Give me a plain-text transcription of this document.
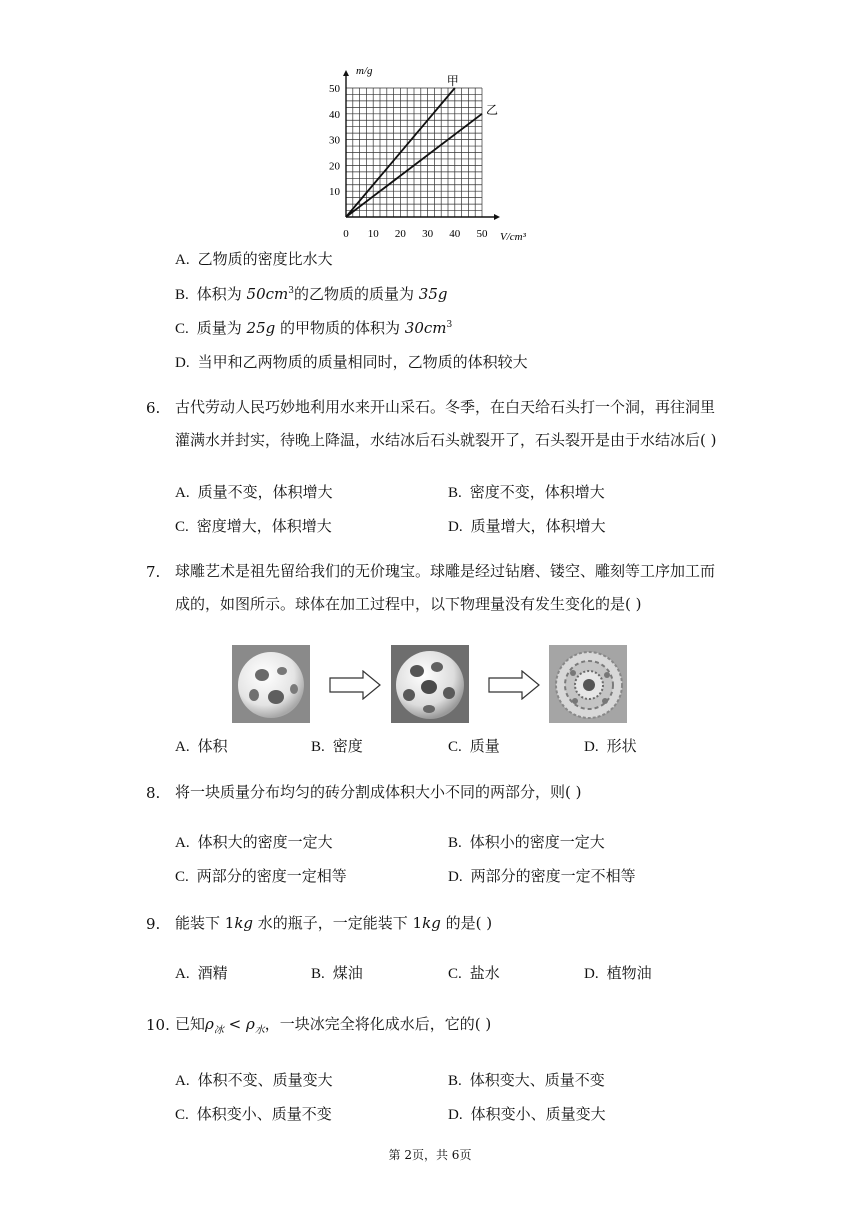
0 10 20 30 40 50
10
20
30
40
50
甲
乙
m/g
V/cm³
A. 乙物质的密度比水大
B. 体积为 $50cm^3$的乙物质的质量为 35g
C. 质量为 25g 的甲物质的体积为 $30cm^3$
D. 当甲和乙两物质的质量相同时，乙物质的体积较大
6. 古代劳动人民巧妙地利用水来开山采石。冬季，在白天给石头打一个洞，再往洞里
灌满水并封实，待晚上降温，水结冰后石头就裂开了，石头裂开是由于水结冰后( )
A. 质量不变，体积增大	B. 密度不变，体积增大
C. 密度增大，体积增大	D. 质量增大，体积增大
7. 球雕艺术是祖先留给我们的无价瑰宝。球雕是经过钻磨、镂空、雕刻等工序加工而
成的，如图所示。球体在加工过程中，以下物理量没有发生变化的是( )
A. 体积	B. 密度	C. 质量	D. 形状
8. 将一块质量分布均匀的砖分割成体积大小不同的两部分，则( )
A. 体积大的密度一定大	B. 体积小的密度一定大
C. 两部分的密度一定相等	D. 两部分的密度一定不相等
9. 能装下 1kg 水的瓶子，一定能装下 1kg 的是( )
A. 酒精	B. 煤油	C. 盐水	D. 植物油
10. 已知$\rho_冰 < \rho_水$，一块冰完全将化成水后，它的( )
A. 体积不变、质量变大	B. 体积变大、质量不变
C. 体积变小、质量不变	D. 体积变小、质量变大
第 2页，共 6页
